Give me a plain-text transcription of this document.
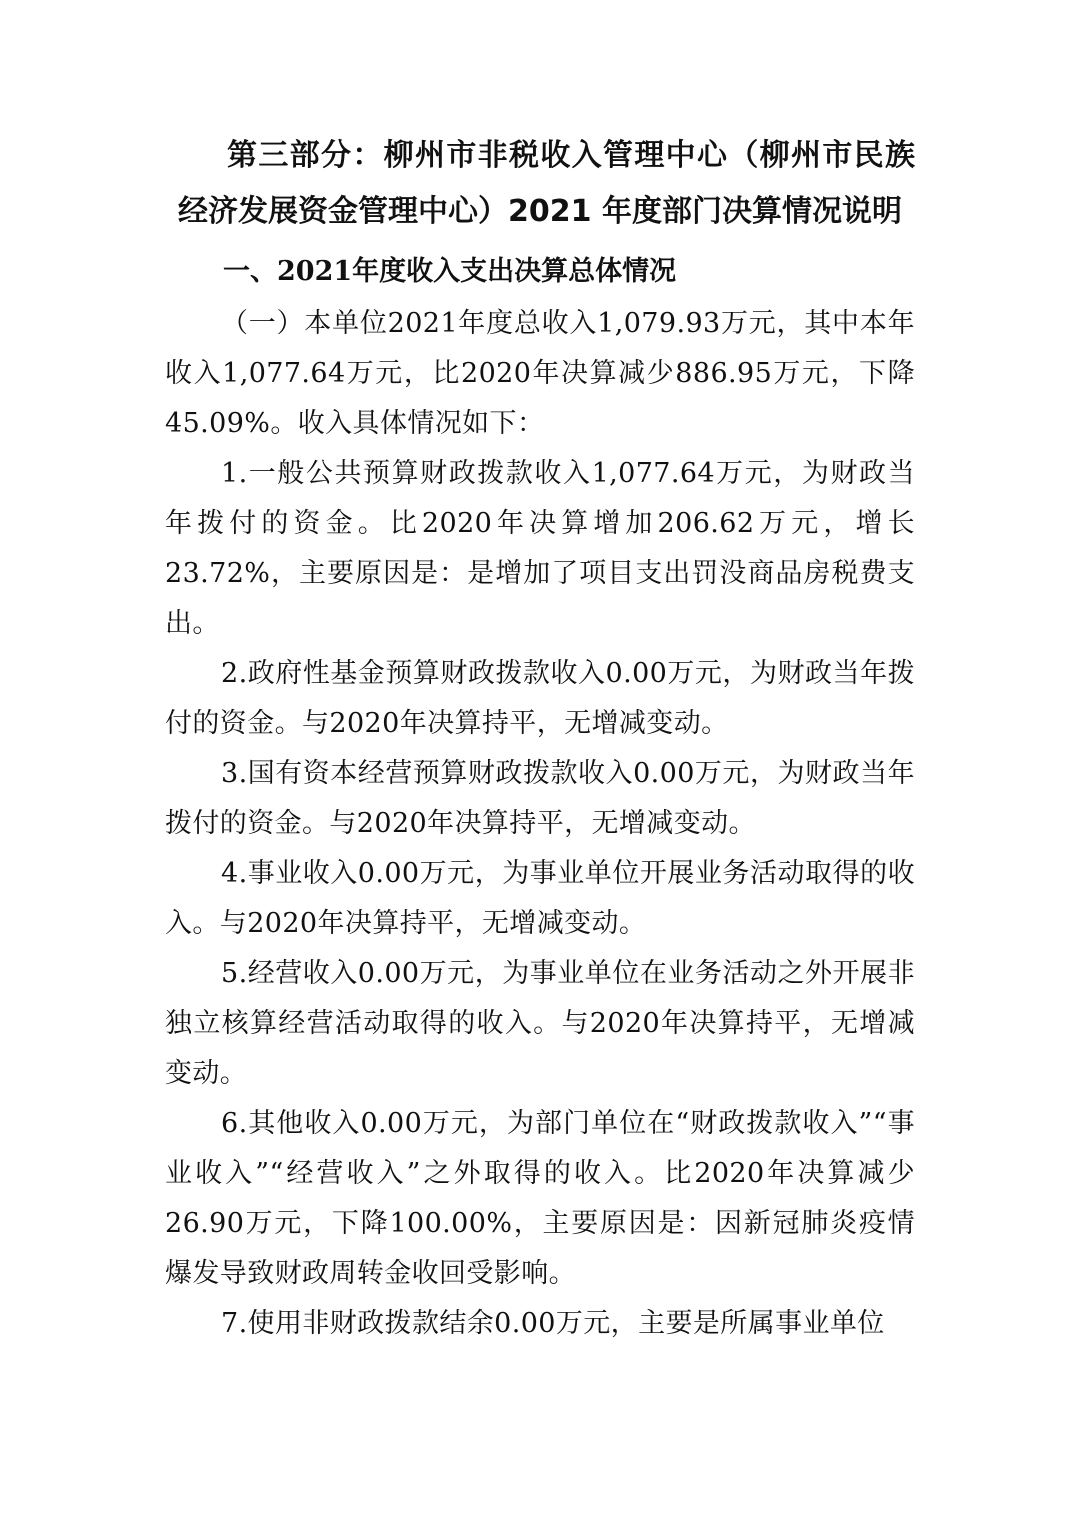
第三部分：柳州市非税收入管理中心（柳州市民族经济发展资金管理中心）2021 年度部门决算情况说明
一、2021年度收入支出决算总体情况

（一）本单位2021年度总收入1,079.93万元，其中本年收入1,077.64万元，比2020年决算减少886.95万元，下降45.09%。收入具体情况如下：

1.一般公共预算财政拨款收入1,077.64万元，为财政当年拨付的资金。比2020年决算增加206.62万元，增长23.72%，主要原因是：是增加了项目支出罚没商品房税费支出。

2.政府性基金预算财政拨款收入0.00万元，为财政当年拨付的资金。与2020年决算持平，无增减变动。

3.国有资本经营预算财政拨款收入0.00万元，为财政当年拨付的资金。与2020年决算持平，无增减变动。

4.事业收入0.00万元，为事业单位开展业务活动取得的收入。与2020年决算持平，无增减变动。

5.经营收入0.00万元，为事业单位在业务活动之外开展非独立核算经营活动取得的收入。与2020年决算持平，无增减变动。

6.其他收入0.00万元，为部门单位在“财政拨款收入”“事业收入”“经营收入”之外取得的收入。比2020年决算减少26.90万元，下降100.00%，主要原因是：因新冠肺炎疫情爆发导致财政周转金收回受影响。

7.使用非财政拨款结余0.00万元，主要是所属事业单位
